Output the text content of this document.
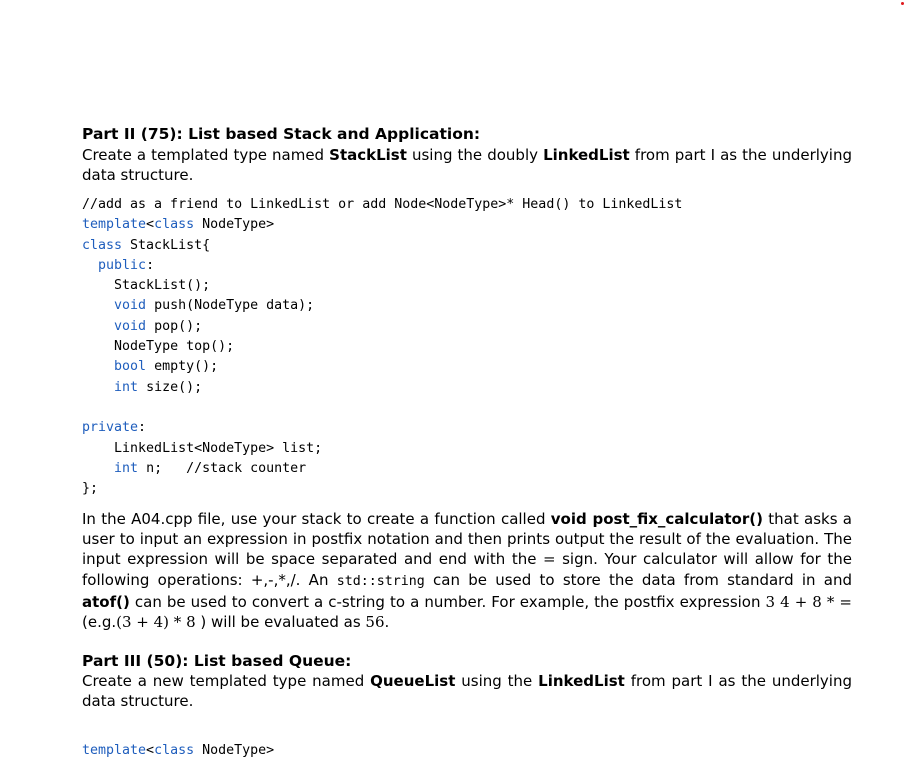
Part II (75): List based Stack and Application:

Create a templated type named StackList using the doubly LinkedList from part I as the underlying data structure.

//add as a friend to LinkedList or add Node<NodeType>* Head() to LinkedList
template<class NodeType>
class StackList{
public:
StackList();
void push(NodeType data);
void pop();
NodeType top();
bool empty();
int size();

private:
LinkedList<NodeType> list;
int n;   //stack counter
};

In the A04.cpp file, use your stack to create a function called void post_fix_calculator() that asks a user to input an expression in postfix notation and then prints output the result of the evaluation. The input expression will be space separated and end with the = sign. Your calculator will allow for the following operations: +,-,*,/. An std::string can be used to store the data from standard in and atof() can be used to convert a c-string to a number. For example, the postfix expression 3 4 + 8 * = (e.g.(3 + 4) * 8 ) will be evaluated as 56.

Part III (50): List based Queue:

Create a new templated type named QueueList using the LinkedList from part I as the underlying data structure.

template<class NodeType>
